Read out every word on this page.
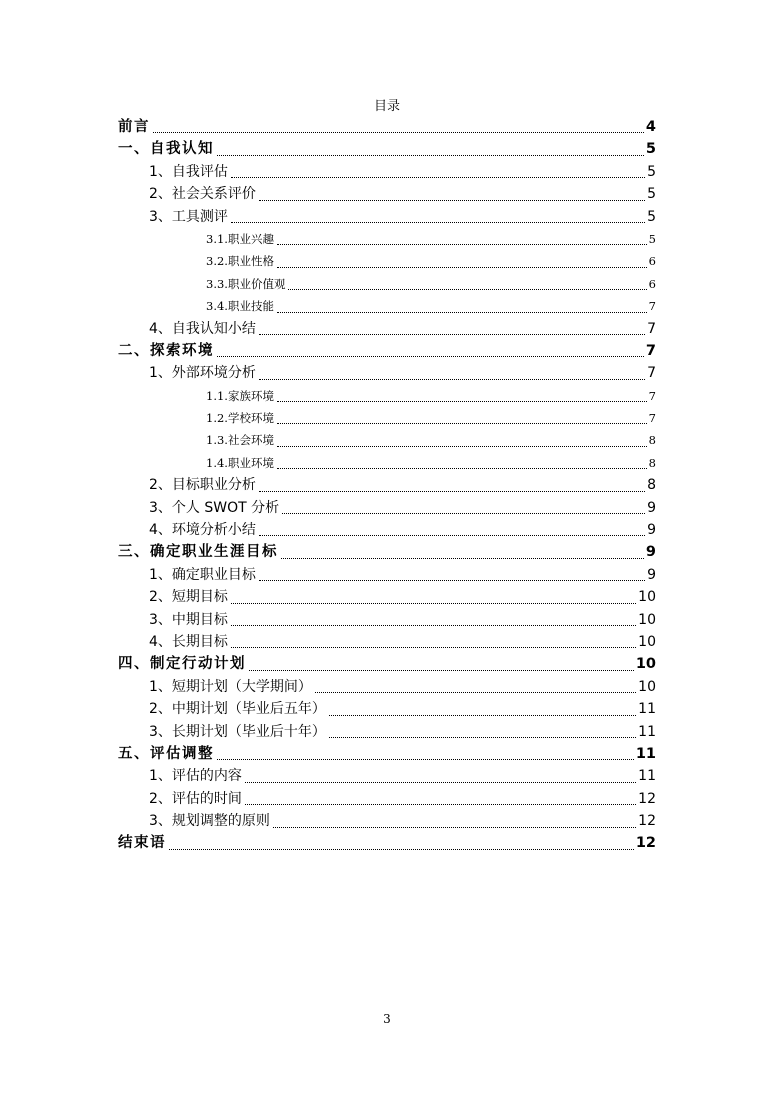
目录
前言	4
一、自我认知	5
1、自我评估	5
2、社会关系评价	5
3、工具测评	5
3.1.职业兴趣	5
3.2.职业性格	6
3.3.职业价值观	6
3.4.职业技能	7
4、自我认知小结	7
二、探索环境	7
1、外部环境分析	7
1.1.家族环境	7
1.2.学校环境	7
1.3.社会环境	8
1.4.职业环境	8
2、目标职业分析	8
3、个人 SWOT 分析	9
4、环境分析小结	9
三、确定职业生涯目标	9
1、确定职业目标	9
2、短期目标	10
3、中期目标	10
4、长期目标	10
四、制定行动计划	10
1、短期计划（大学期间）	10
2、中期计划（毕业后五年）	11
3、长期计划（毕业后十年）	11
五、评估调整	11
1、评估的内容	11
2、评估的时间	12
3、规划调整的原则	12
结束语	12
3
